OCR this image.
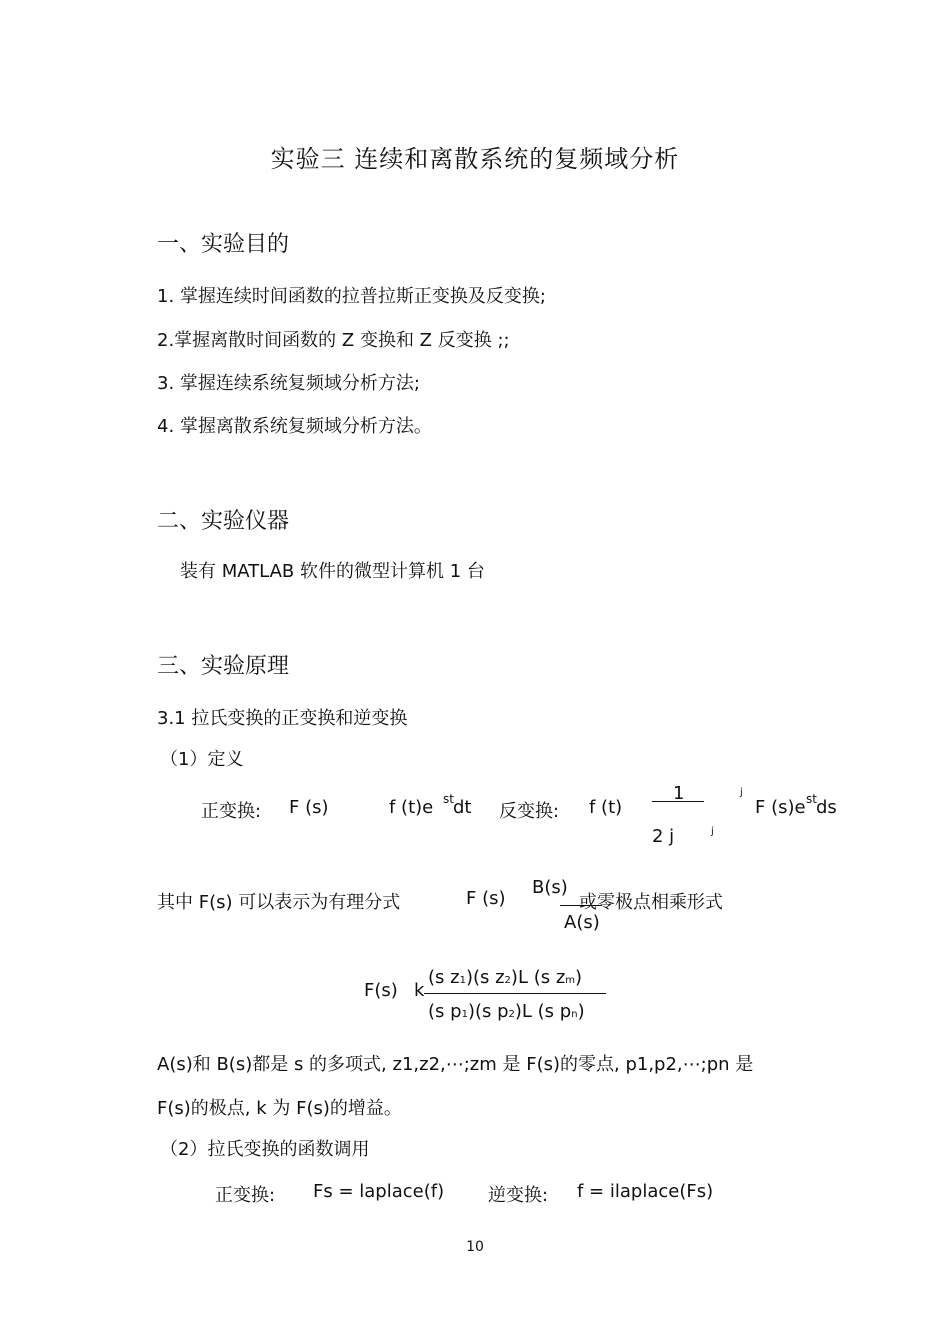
实验三 连续和离散系统的复频域分析
一、实验目的
1. 掌握连续时间函数的拉普拉斯正变换及反变换;
2.掌握离散时间函数的 Z 变换和 Z 反变换 ;;
3. 掌握连续系统复频域分析方法;
4. 掌握离散系统复频域分析方法。
二、实验仪器
装有 MATLAB 软件的微型计算机 1 台
三、实验原理
3.1 拉氏变换的正变换和逆变换
（1）定义
正变换: F (s)	f (t)e st dt 反变换: f (t)
1
2 j
j
j
F (s)e st ds
其中 F(s) 可以表示为有理分式	F (s)
B(s)
A(s)
或零极点相乘形式
F(s) k
(s z1)(s z2)L (s zm)
(s p1)(s p2)L (s pn)
A(s)和 B(s)都是 s 的多项式, z1,z2,⋯;zm 是 F(s)的零点, p1,p2,⋯;pn 是
F(s)的极点, k 为 F(s)的增益。
（2）拉氏变换的函数调用
正变换: Fs = laplace(f) 逆变换: f = ilaplace(Fs)
10
